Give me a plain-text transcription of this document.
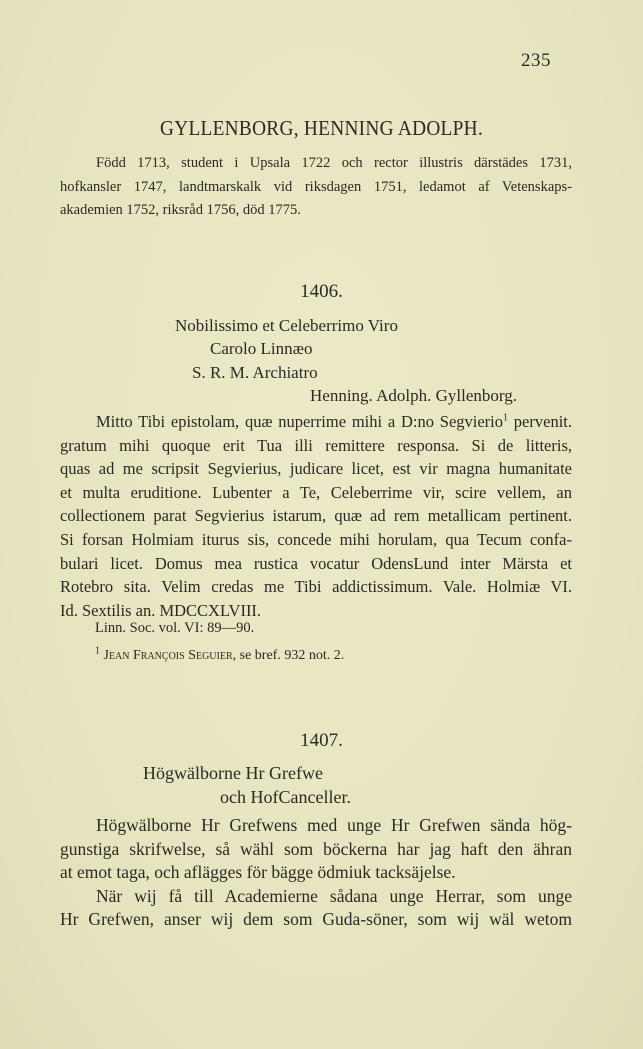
235
GYLLENBORG, HENNING ADOLPH.
Född 1713, student i Upsala 1722 och rector illustris därstädes 1731,
hofkansler 1747, landtmarskalk vid riksdagen 1751, ledamot af Vetenskaps-
akademien 1752, riksråd 1756, död 1775.
1406.
Nobilissimo et Celeberrimo Viro
Carolo Linnæo
S. R. M. Archiatro
Henning. Adolph. Gyllenborg.
Mitto Tibi epistolam, quæ nuperrime mihi a D:no Segvierio$^1$ pervenit.
gratum mihi quoque erit Tua illi remittere responsa. Si de litteris,
quas ad me scripsit Segvierius, judicare licet, est vir magna humanitate
et multa eruditione. Lubenter a Te, Celeberrime vir, scire vellem, an
collectionem parat Segvierius istarum, quæ ad rem metallicam pertinent.
Si forsan Holmiam iturus sis, concede mihi horulam, qua Tecum confa-
bulari licet. Domus mea rustica vocatur OdensLund inter Märsta et
Rotebro sita. Velim credas me Tibi addictissimum. Vale. Holmiæ VI.
Id. Sextilis an. MDCCXLVIII.
Linn. Soc. vol. VI: 89—90.
$^1$ Jean François Seguier, se bref. 932 not. 2.
1407.
Högwälborne Hr Grefwe
och HofCanceller.
Högwälborne Hr Grefwens med unge Hr Grefwen sända hög-
gunstiga skrifwelse, så wähl som böckerna har jag haft den ähran
at emot taga, och aflägges för bägge ödmiuk tacksäjelse.
När wij få till Academierne sådana unge Herrar, som unge
Hr Grefwen, anser wij dem som Guda-söner, som wij wäl wetom
